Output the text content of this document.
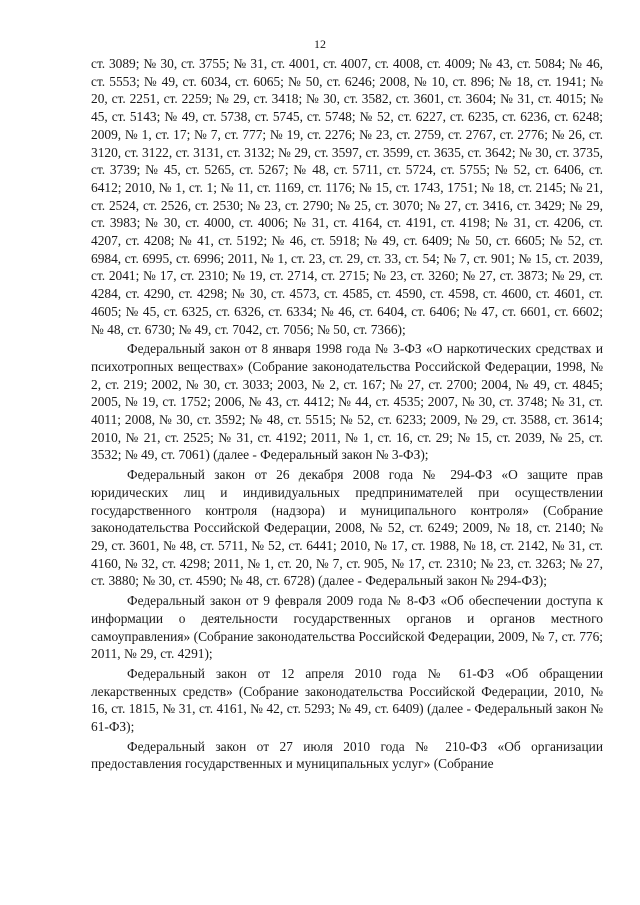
12

ст. 3089; № 30, ст. 3755; № 31, ст. 4001, ст. 4007, ст. 4008, ст. 4009; № 43, ст. 5084; № 46, ст. 5553; № 49, ст. 6034, ст. 6065; № 50, ст. 6246; 2008, № 10, ст. 896; № 18, ст. 1941; № 20, ст. 2251, ст. 2259; № 29, ст. 3418; № 30, ст. 3582, ст. 3601, ст. 3604; № 31, ст. 4015; № 45, ст. 5143; № 49, ст. 5738, ст. 5745, ст. 5748; № 52, ст. 6227, ст. 6235, ст. 6236, ст. 6248; 2009, № 1, ст. 17; № 7, ст. 777; № 19, ст. 2276; № 23, ст. 2759, ст. 2767, ст. 2776; № 26, ст. 3120, ст. 3122, ст. 3131, ст. 3132; № 29, ст. 3597, ст. 3599, ст. 3635, ст. 3642; № 30, ст. 3735, ст. 3739; № 45, ст. 5265, ст. 5267; № 48, ст. 5711, ст. 5724, ст. 5755; № 52, ст. 6406, ст. 6412; 2010, № 1, ст. 1; № 11, ст. 1169, ст. 1176; № 15, ст. 1743, 1751; № 18, ст. 2145; № 21, ст. 2524, ст. 2526, ст. 2530; № 23, ст. 2790; № 25, ст. 3070; № 27, ст. 3416, ст. 3429; № 29, ст. 3983; № 30, ст. 4000, ст. 4006; № 31, ст. 4164, ст. 4191, ст. 4198; № 31, ст. 4206, ст. 4207, ст. 4208; № 41, ст. 5192; № 46, ст. 5918; № 49, ст. 6409; № 50, ст. 6605; № 52, ст. 6984, ст. 6995, ст. 6996; 2011, № 1, ст. 23, ст. 29, ст. 33, ст. 54; № 7, ст. 901; № 15, ст. 2039, ст. 2041; № 17, ст. 2310; № 19, ст. 2714, ст. 2715; № 23, ст. 3260; № 27, ст. 3873; № 29, ст. 4284, ст. 4290, ст. 4298; № 30, ст. 4573, ст. 4585, ст. 4590, ст. 4598, ст. 4600, ст. 4601, ст. 4605; № 45, ст. 6325, ст. 6326, ст. 6334; № 46, ст. 6404, ст. 6406; № 47, ст. 6601, ст. 6602; № 48, ст. 6730; № 49, ст. 7042, ст. 7056; № 50, ст. 7366);

Федеральный закон от 8 января 1998 года № 3-ФЗ «О наркотических средствах и психотропных веществах» (Собрание законодательства Российской Федерации, 1998, № 2, ст. 219; 2002, № 30, ст. 3033; 2003, № 2, ст. 167; № 27, ст. 2700; 2004, № 49, ст. 4845; 2005, № 19, ст. 1752; 2006, № 43, ст. 4412; № 44, ст. 4535; 2007, № 30, ст. 3748; № 31, ст. 4011; 2008, № 30, ст. 3592; № 48, ст. 5515; № 52, ст. 6233; 2009, № 29, ст. 3588, ст. 3614; 2010, № 21, ст. 2525; № 31, ст. 4192; 2011, № 1, ст. 16, ст. 29; № 15, ст. 2039, № 25, ст. 3532; № 49, ст. 7061) (далее - Федеральный закон № 3-ФЗ);

Федеральный закон от 26 декабря 2008 года № 294-ФЗ «О защите прав юридических лиц и индивидуальных предпринимателей при осуществлении государственного контроля (надзора) и муниципального контроля» (Собрание законодательства Российской Федерации, 2008, № 52, ст. 6249; 2009, № 18, ст. 2140; № 29, ст. 3601, № 48, ст. 5711, № 52, ст. 6441; 2010, № 17, ст. 1988, № 18, ст. 2142, № 31, ст. 4160, № 32, ст. 4298; 2011, № 1, ст. 20, № 7, ст. 905, № 17, ст. 2310; № 23, ст. 3263; № 27, ст. 3880; № 30, ст. 4590; № 48, ст. 6728) (далее - Федеральный закон № 294-ФЗ);

Федеральный закон от 9 февраля 2009 года № 8-ФЗ «Об обеспечении доступа к информации о деятельности государственных органов и органов местного самоуправления» (Собрание законодательства Российской Федерации, 2009, № 7, ст. 776; 2011, № 29, ст. 4291);

Федеральный закон от 12 апреля 2010 года № 61-ФЗ «Об обращении лекарственных средств» (Собрание законодательства Российской Федерации, 2010, № 16, ст. 1815, № 31, ст. 4161, № 42, ст. 5293; № 49, ст. 6409) (далее - Федеральный закон № 61-ФЗ);

Федеральный закон от 27 июля 2010 года № 210-ФЗ «Об организации предоставления государственных и муниципальных услуг» (Собрание
